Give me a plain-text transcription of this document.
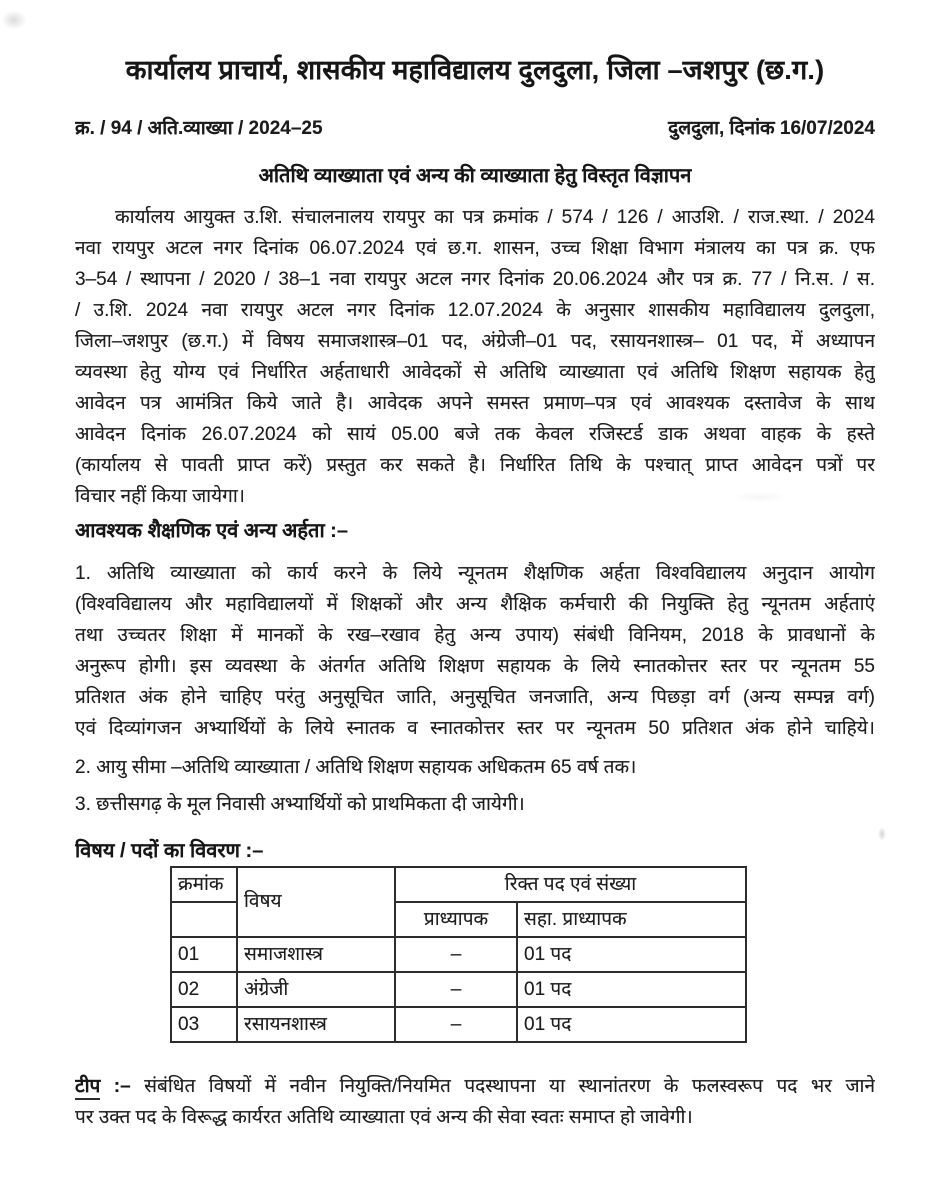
कार्यालय प्राचार्य, शासकीय महाविद्यालय दुलदुला, जिला –जशपुर (छ.ग.)
क्र. / 94 / अति.व्याख्या / 2024–25	दुलदुला, दिनांक 16/07/2024
अतिथि व्याख्याता एवं अन्य की व्याख्याता हेतु विस्तृत विज्ञापन
कार्यालय आयुक्त उ.शि. संचालनालय रायपुर का पत्र क्रमांक / 574 / 126 / आउशि. / राज.स्था. / 2024
नवा रायपुर अटल नगर दिनांक 06.07.2024 एवं छ.ग. शासन, उच्च शिक्षा विभाग मंत्रालय का पत्र क्र. एफ
3–54 / स्थापना / 2020 / 38–1 नवा रायपुर अटल नगर दिनांक 20.06.2024 और पत्र क्र. 77 / नि.स. / स.
/ उ.शि. 2024 नवा रायपुर अटल नगर दिनांक 12.07.2024 के अनुसार शासकीय महाविद्यालय दुलदुला,
जिला–जशपुर (छ.ग.) में विषय समाजशास्त्र–01 पद, अंग्रेजी–01 पद, रसायनशास्त्र– 01 पद, में अध्यापन
व्यवस्था हेतु योग्य एवं निर्धारित अर्हताधारी आवेदकों से अतिथि व्याख्याता एवं अतिथि शिक्षण सहायक हेतु
आवेदन पत्र आमंत्रित किये जाते है। आवेदक अपने समस्त प्रमाण–पत्र एवं आवश्यक दस्तावेज के साथ
आवेदन दिनांक 26.07.2024 को सायं 05.00 बजे तक केवल रजिस्टर्ड डाक अथवा वाहक के हस्ते
(कार्यालय से पावती प्राप्त करें) प्रस्तुत कर सकते है। निर्धारित तिथि के पश्चात् प्राप्त आवेदन पत्रों पर
विचार नहीं किया जायेगा।
आवश्यक शैक्षणिक एवं अन्य अर्हता :–
1. अतिथि व्याख्याता को कार्य करने के लिये न्यूनतम शैक्षणिक अर्हता विश्वविद्यालय अनुदान आयोग
(विश्वविद्यालय और महाविद्यालयों में शिक्षकों और अन्य शैक्षिक कर्मचारी की नियुक्ति हेतु न्यूनतम अर्हताएं
तथा उच्चतर शिक्षा में मानकों के रख–रखाव हेतु अन्य उपाय) संबंधी विनियम, 2018 के प्रावधानों के
अनुरूप होगी। इस व्यवस्था के अंतर्गत अतिथि शिक्षण सहायक के लिये स्नातकोत्तर स्तर पर न्यूनतम 55
प्रतिशत अंक होने चाहिए परंतु अनुसूचित जाति, अनुसूचित जनजाति, अन्य पिछड़ा वर्ग (अन्य सम्पन्न वर्ग)
एवं दिव्यांगजन अभ्यार्थियों के लिये स्नातक व स्नातकोत्तर स्तर पर न्यूनतम 50 प्रतिशत अंक होने चाहिये।
2. आयु सीमा –अतिथि व्याख्याता / अतिथि शिक्षण सहायक अधिकतम 65 वर्ष तक।
3. छत्तीसगढ़ के मूल निवासी अभ्यार्थियों को प्राथमिकता दी जायेगी।
विषय / पदों का विवरण :–
क्रमांक	विषय	रिक्त पद एवं संख्या	
		प्राध्यापक	सहा. प्राध्यापक
01	समाजशास्त्र	–	01 पद
02	अंग्रेजी	–	01 पद
03	रसायनशास्त्र	–	01 पद
टीप :– संबंधित विषयों में नवीन नियुक्ति/नियमित पदस्थापना या स्थानांतरण के फलस्वरूप पद भर जाने
पर उक्त पद के विरूद्ध कार्यरत अतिथि व्याख्याता एवं अन्य की सेवा स्वतः समाप्त हो जावेगी।
